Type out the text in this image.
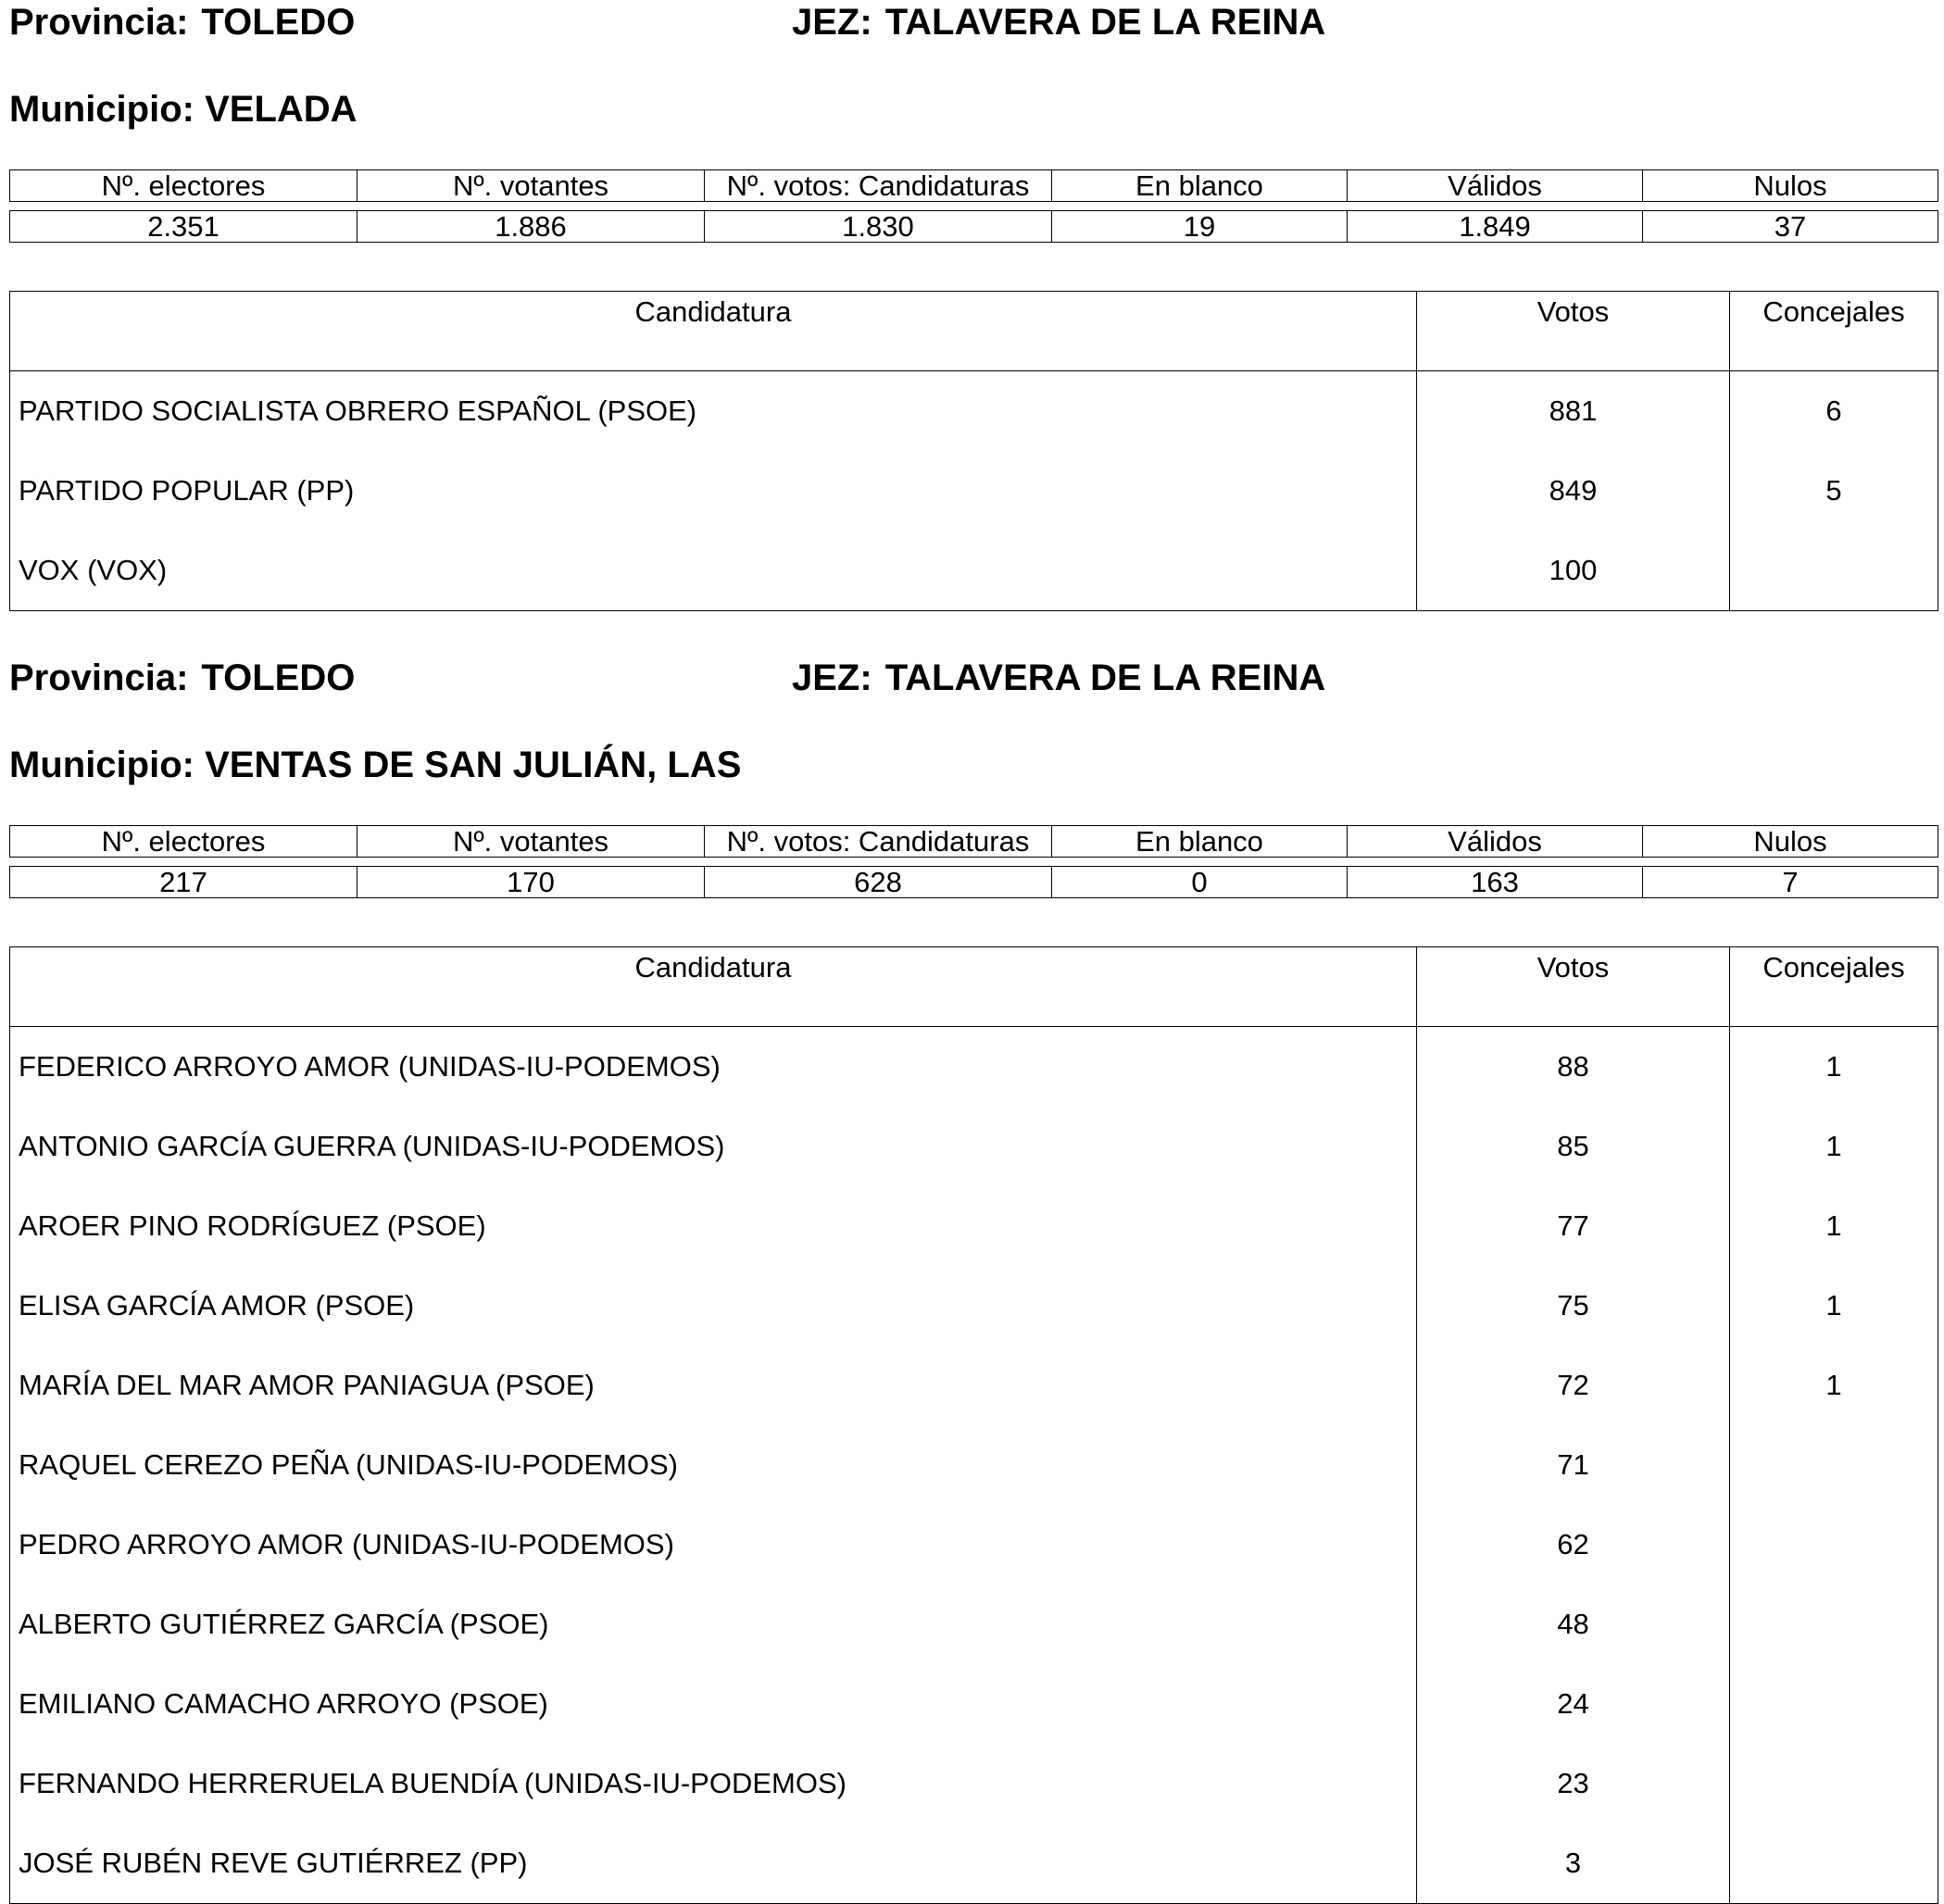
Provincia: TOLEDO	JEZ: TALAVERA DE LA REINA
Municipio: VELADA
Nº. electores	Nº. votantes	Nº. votos: Candidaturas	En blanco	Válidos	Nulos

2.351	1.886	1.830	19	1.849	37
Candidatura	Votos	Concejales
PARTIDO SOCIALISTA OBRERO ESPAÑOL (PSOE)	881	6
PARTIDO POPULAR (PP)	849	5
VOX (VOX)	100	
Provincia: TOLEDO	JEZ: TALAVERA DE LA REINA
Municipio: VENTAS DE SAN JULIÁN, LAS
Nº. electores	Nº. votantes	Nº. votos: Candidaturas	En blanco	Válidos	Nulos

217	170	628	0	163	7
Candidatura	Votos	Concejales
FEDERICO ARROYO AMOR (UNIDAS-IU-PODEMOS)	88	1
ANTONIO GARCÍA GUERRA (UNIDAS-IU-PODEMOS)	85	1
AROER PINO RODRÍGUEZ (PSOE)	77	1
ELISA GARCÍA AMOR (PSOE)	75	1
MARÍA DEL MAR AMOR PANIAGUA (PSOE)	72	1
RAQUEL CEREZO PEÑA (UNIDAS-IU-PODEMOS)	71	
PEDRO ARROYO AMOR (UNIDAS-IU-PODEMOS)	62	
ALBERTO GUTIÉRREZ GARCÍA (PSOE)	48	
EMILIANO CAMACHO ARROYO (PSOE)	24	
FERNANDO HERRERUELA BUENDÍA (UNIDAS-IU-PODEMOS)	23	
JOSÉ RUBÉN REVE GUTIÉRREZ (PP)	3	
